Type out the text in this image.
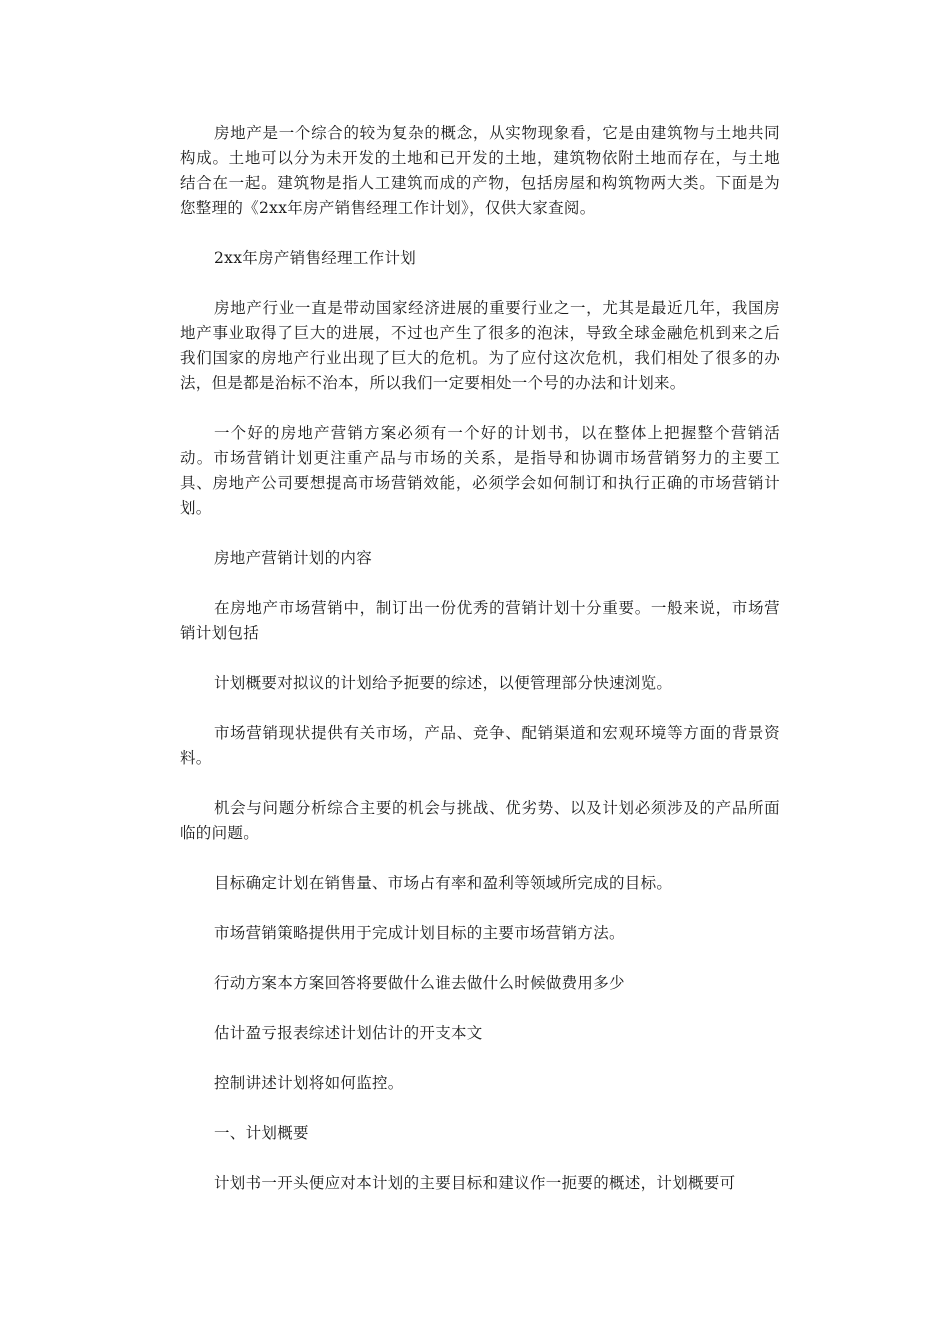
房地产是一个综合的较为复杂的概念，从实物现象看，它是由建筑物与土地共同构成。土地可以分为未开发的土地和已开发的土地，建筑物依附土地而存在，与土地结合在一起。建筑物是指人工建筑而成的产物，包括房屋和构筑物两大类。下面是为您整理的《2xx年房产销售经理工作计划》，仅供大家查阅。

2xx年房产销售经理工作计划

房地产行业一直是带动国家经济进展的重要行业之一，尤其是最近几年，我国房地产事业取得了巨大的进展，不过也产生了很多的泡沫，导致全球金融危机到来之后我们国家的房地产行业出现了巨大的危机。为了应付这次危机，我们相处了很多的办法，但是都是治标不治本，所以我们一定要相处一个号的办法和计划来。

一个好的房地产营销方案必须有一个好的计划书，以在整体上把握整个营销活动。市场营销计划更注重产品与市场的关系，是指导和协调市场营销努力的主要工具、房地产公司要想提高市场营销效能，必须学会如何制订和执行正确的市场营销计划。

房地产营销计划的内容

在房地产市场营销中，制订出一份优秀的营销计划十分重要。一般来说，市场营销计划包括

计划概要对拟议的计划给予扼要的综述，以便管理部分快速浏览。

市场营销现状提供有关市场，产品、竞争、配销渠道和宏观环境等方面的背景资料。

机会与问题分析综合主要的机会与挑战、优劣势、以及计划必须涉及的产品所面临的问题。

目标确定计划在销售量、市场占有率和盈利等领域所完成的目标。

市场营销策略提供用于完成计划目标的主要市场营销方法。

行动方案本方案回答将要做什么谁去做什么时候做费用多少

估计盈亏报表综述计划估计的开支本文

控制讲述计划将如何监控。

一、计划概要

计划书一开头便应对本计划的主要目标和建议作一扼要的概述，计划概要可
